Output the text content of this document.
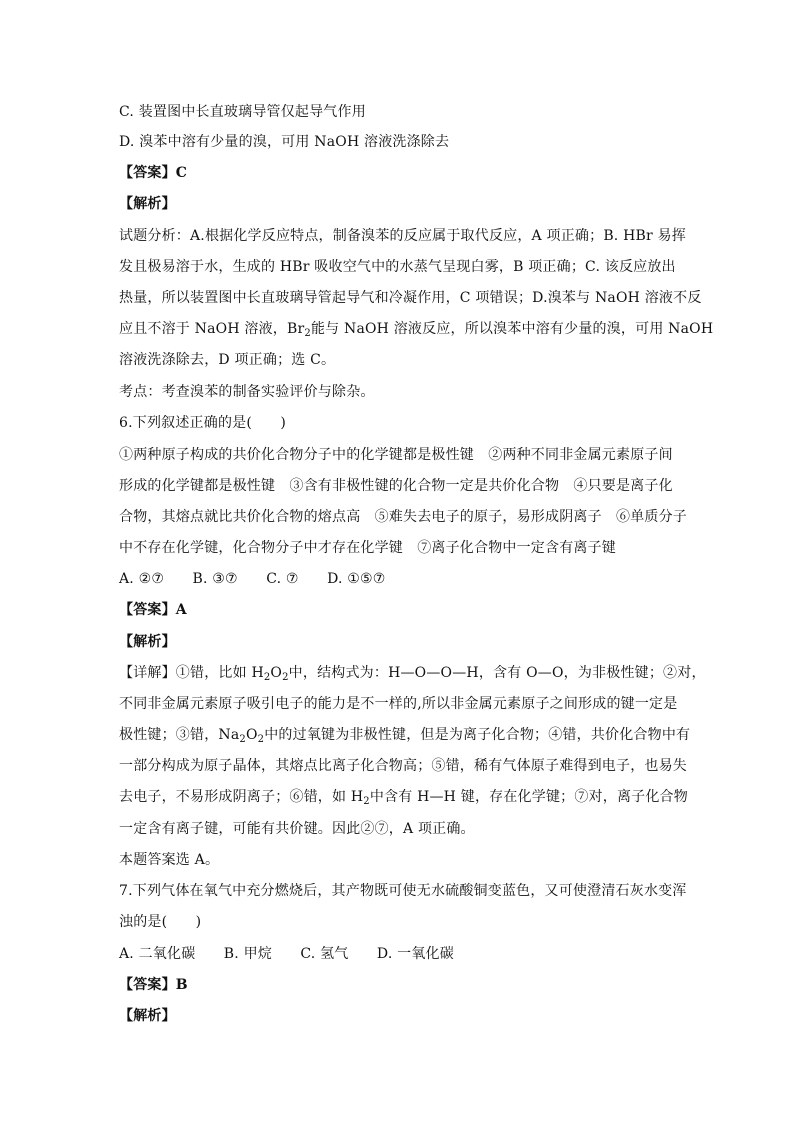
C. 装置图中长直玻璃导管仅起导气作用
D. 溴苯中溶有少量的溴，可用 NaOH 溶液洗涤除去
【答案】C
【解析】
试题分析：A.根据化学反应特点，制备溴苯的反应属于取代反应，A 项正确；B. HBr 易挥
发且极易溶于水，生成的 HBr 吸收空气中的水蒸气呈现白雾，B 项正确；C. 该反应放出
热量，所以装置图中长直玻璃导管起导气和冷凝作用，C 项错误；D.溴苯与 NaOH 溶液不反
应且不溶于 NaOH 溶液，$Br_2$能与 NaOH 溶液反应，所以溴苯中溶有少量的溴，可用 NaOH
溶液洗涤除去，D 项正确；选 C。
考点：考查溴苯的制备实验评价与除杂。
6.下列叙述正确的是(　　)
①两种原子构成的共价化合物分子中的化学键都是极性键　②两种不同非金属元素原子间
形成的化学键都是极性键　③含有非极性键的化合物一定是共价化合物　④只要是离子化
合物，其熔点就比共价化合物的熔点高　⑤难失去电子的原子，易形成阴离子　⑥单质分子
中不存在化学键，化合物分子中才存在化学键　⑦离子化合物中一定含有离子键
A. ②⑦　　B. ③⑦　　C. ⑦　　D. ①⑤⑦
【答案】A
【解析】
【详解】①错，比如 $H_2O_2$中，结构式为：H—O—O—H，含有 O—O，为非极性键；②对，
不同非金属元素原子吸引电子的能力是不一样的,所以非金属元素原子之间形成的键一定是
极性键；③错，$Na_2O_2$中的过氧键为非极性键，但是为离子化合物；④错，共价化合物中有
一部分构成为原子晶体，其熔点比离子化合物高；⑤错，稀有气体原子难得到电子，也易失
去电子，不易形成阴离子；⑥错，如 $H_2$中含有 H—H 键，存在化学键；⑦对，离子化合物
一定含有离子键，可能有共价键。因此②⑦，A 项正确。
本题答案选 A。
7.下列气体在氧气中充分燃烧后，其产物既可使无水硫酸铜变蓝色，又可使澄清石灰水变浑
浊的是(　　)
A. 二氧化碳　　B. 甲烷　　C. 氢气　　D. 一氧化碳
【答案】B
【解析】
